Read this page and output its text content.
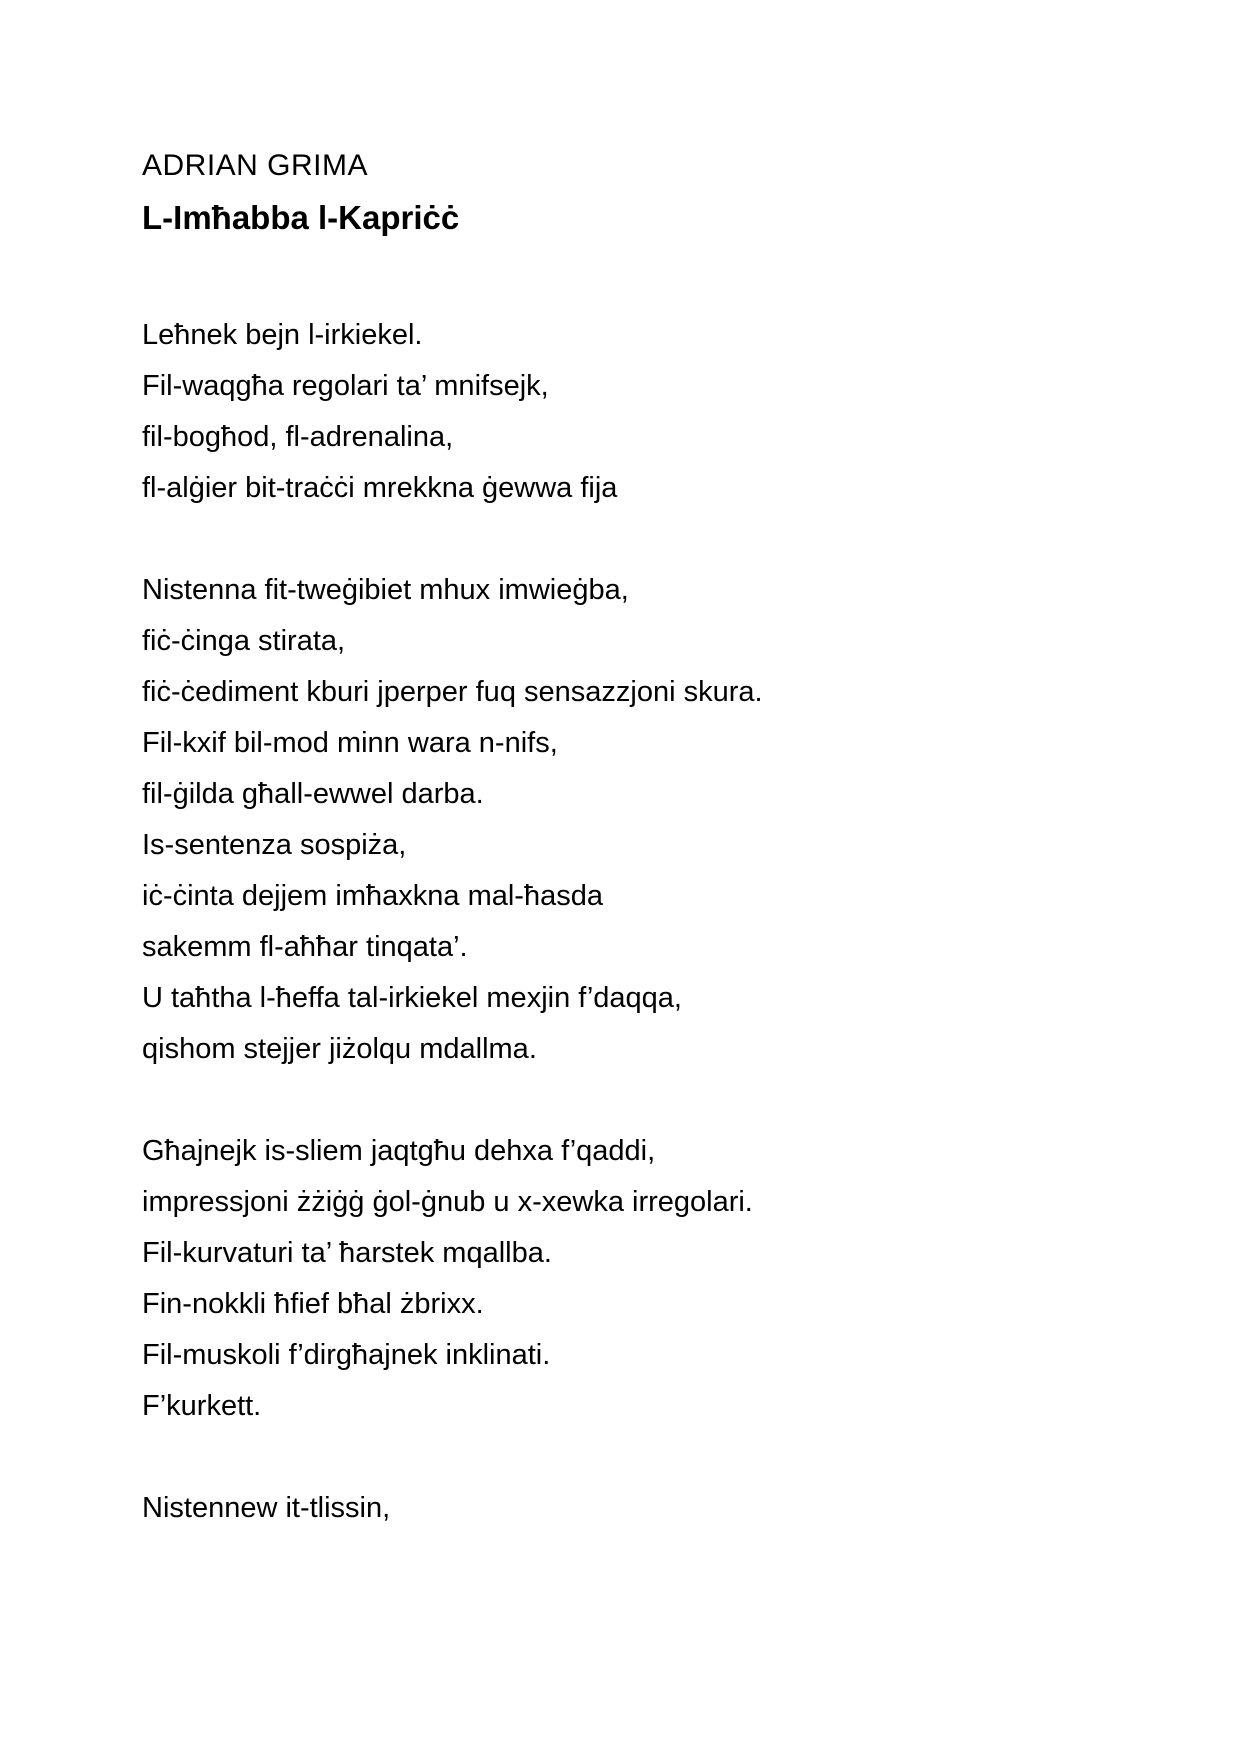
ADRIAN GRIMA
L-Imħabba l-Kapriċċ

Leħnek bejn l-irkiekel.

Fil-waqgħa regolari ta’ mnifsejk,

fil-bogħod, fl-adrenalina,

fl-alġier bit-traċċi mrekkna ġewwa fija

Nistenna fit-tweġibiet mhux imwieġba,

fiċ-ċinga stirata,

fiċ-ċediment kburi jperper fuq sensazzjoni skura.

Fil-kxif bil-mod minn wara n-nifs,

fil-ġilda għall-ewwel darba.

Is-sentenza sospiża,

iċ-ċinta dejjem imħaxkna mal-ħasda

sakemm fl-aħħar tinqata’.

U taħtha l-ħeffa tal-irkiekel mexjin f’daqqa,

qishom stejjer jiżolqu mdallma.

Għajnejk is-sliem jaqtgħu dehxa f’qaddi,

impressjoni żżiġġ ġol-ġnub u x-xewka irregolari.

Fil-kurvaturi ta’ ħarstek mqallba.

Fin-nokkli ħfief bħal żbrixx.

Fil-muskoli f’dirgħajnek inklinati.

F’kurkett.

Nistennew it-tlissin,
